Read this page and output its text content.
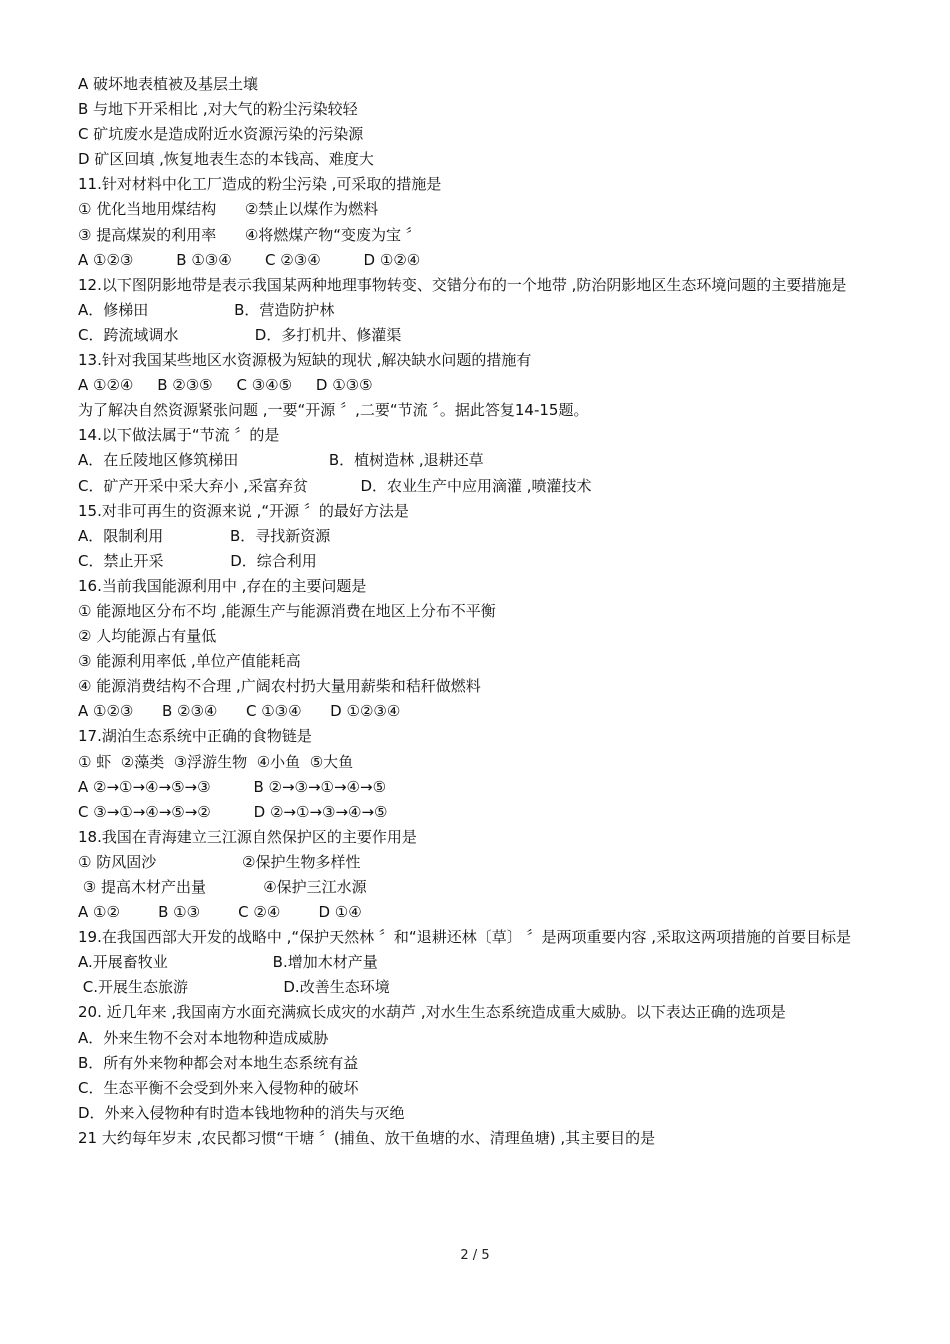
A 破坏地表植被及基层土壤

B 与地下开采相比 ,对大气的粉尘污染较轻

C 矿坑废水是造成附近水资源污染的污染源

D 矿区回填 ,恢复地表生态的本钱高、难度大

11.针对材料中化工厂造成的粉尘污染 ,可采取的措施是

① 优化当地用煤结构      ②禁止以煤作为燃料

③ 提高煤炭的利用率      ④将燃煤产物“变废为宝 〞

A ①②③         B ①③④       C ②③④         D ①②④

12.以下图阴影地带是表示我国某两种地理事物转变、交错分布的一个地带 ,防治阴影地区生态环境问题的主要措施是

A．修梯田                  B．营造防护林

C．跨流域调水                D．多打机井、修灌渠

13.针对我国某些地区水资源极为短缺的现状 ,解决缺水问题的措施有

A ①②④     B ②③⑤     C ③④⑤     D ①③⑤

为了解决自然资源紧张问题 ,一要“开源 〞,二要“节流 〞。据此答复14-15题。

14.以下做法属于“节流 〞的是

A．在丘陵地区修筑梯田                   B．植树造林 ,退耕还草

C．矿产开采中采大弃小 ,采富弃贫           D．农业生产中应用滴灌 ,喷灌技术

15.对非可再生的资源来说 ,“开源 〞的最好方法是

A．限制利用              B．寻找新资源

C．禁止开采              D．综合利用

16.当前我国能源利用中 ,存在的主要问题是

① 能源地区分布不均 ,能源生产与能源消费在地区上分布不平衡

② 人均能源占有量低

③ 能源利用率低 ,单位产值能耗高

④ 能源消费结构不合理 ,广阔农村扔大量用薪柴和秸秆做燃料

A ①②③      B ②③④      C ①③④      D ①②③④

17.湖泊生态系统中正确的食物链是

① 虾  ②藻类  ③浮游生物  ④小鱼  ⑤大鱼

A ②→①→④→⑤→③         B ②→③→①→④→⑤

C ③→①→④→⑤→②         D ②→①→③→④→⑤

18.我国在青海建立三江源自然保护区的主要作用是

① 防风固沙                  ②保护生物多样性

③ 提高木材产出量            ④保护三江水源

A ①②        B ①③        C ②④        D ①④

19.在我国西部大开发的战略中 ,“保护天然林 〞和“退耕还林〔草〕 〞是两项重要内容 ,采取这两项措施的首要目标是

A.开展畜牧业                      B.增加木材产量

C.开展生态旅游                    D.改善生态环境

20. 近几年来 ,我国南方水面充满疯长成灾的水葫芦 ,对水生生态系统造成重大威胁。以下表达正确的选项是

A．外来生物不会对本地物种造成威胁

B．所有外来物种都会对本地生态系统有益

C．生态平衡不会受到外来入侵物种的破坏

D．外来入侵物种有时造本钱地物种的消失与灭绝

21 大约每年岁末 ,农民都习惯“干塘 〞(捕鱼、放干鱼塘的水、清理鱼塘) ,其主要目的是

2 / 5
